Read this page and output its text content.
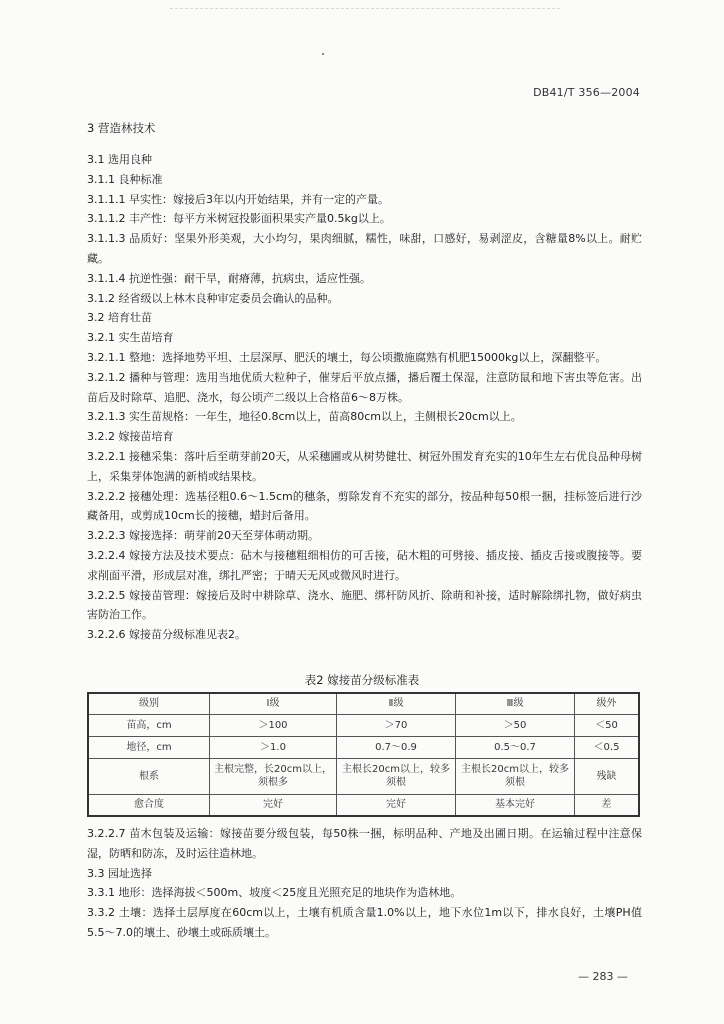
DB41/T 356—2004

3 营造林技术

3.1 选用良种

3.1.1 良种标准

3.1.1.1 早实性：嫁接后3年以内开始结果，并有一定的产量。

3.1.1.2 丰产性：每平方米树冠投影面积果实产量0.5kg以上。

3.1.1.3 品质好：坚果外形美观，大小均匀，果肉细腻，糯性，味甜，口感好，易剥涩皮，含糖量8%以上。耐贮藏。

3.1.1.4 抗逆性强：耐干旱，耐瘠薄，抗病虫，适应性强。

3.1.2 经省级以上林木良种审定委员会确认的品种。

3.2 培育壮苗

3.2.1 实生苗培育

3.2.1.1 整地：选择地势平坦、土层深厚、肥沃的壤土，每公顷撒施腐熟有机肥15000kg以上，深翻整平。

3.2.1.2 播种与管理：选用当地优质大粒种子，催芽后平放点播，播后覆土保湿，注意防鼠和地下害虫等危害。出苗后及时除草、追肥、浇水，每公顷产二级以上合格苗6～8万株。

3.2.1.3 实生苗规格：一年生，地径0.8cm以上，苗高80cm以上，主侧根长20cm以上。

3.2.2 嫁接苗培育

3.2.2.1 接穗采集：落叶后至萌芽前20天，从采穗圃或从树势健壮、树冠外围发育充实的10年生左右优良品种母树上，采集芽体饱满的新梢或结果枝。

3.2.2.2 接穗处理：选基径粗0.6～1.5cm的穗条，剪除发育不充实的部分，按品种每50根一捆，挂标签后进行沙藏备用，或剪成10cm长的接穗，蜡封后备用。

3.2.2.3 嫁接选择：萌芽前20天至芽体萌动期。

3.2.2.4 嫁接方法及技术要点：砧木与接穗粗细相仿的可舌接，砧木粗的可劈接、插皮接、插皮舌接或腹接等。要求削面平滑，形成层对准，绑扎严密；于晴天无风或微风时进行。

3.2.2.5 嫁接苗管理：嫁接后及时中耕除草、浇水、施肥、绑杆防风折、除萌和补接，适时解除绑扎物，做好病虫害防治工作。

3.2.2.6 嫁接苗分级标准见表2。

表2 嫁接苗分级标准表
级别	Ⅰ级	Ⅱ级	Ⅲ级	级外
苗高，cm	＞100	＞70	＞50	＜50
地径，cm	＞1.0	0.7～0.9	0.5～0.7	＜0.5
根系	主根完整，长20cm以上，须根多	主根长20cm以上，较多须根	主根长20cm以上，较多须根	残缺
愈合度	完好	完好	基本完好	差

3.2.2.7 苗木包装及运输：嫁接苗要分级包装，每50株一捆，标明品种、产地及出圃日期。在运输过程中注意保湿，防晒和防冻，及时运往造林地。

3.3 园址选择

3.3.1 地形：选择海拔＜500m、坡度＜25度且光照充足的地块作为造林地。

3.3.2 土壤：选择土层厚度在60cm以上，土壤有机质含量1.0%以上，地下水位1m以下，排水良好，土壤PH值5.5～7.0的壤土、砂壤土或砾质壤土。

— 283 —
